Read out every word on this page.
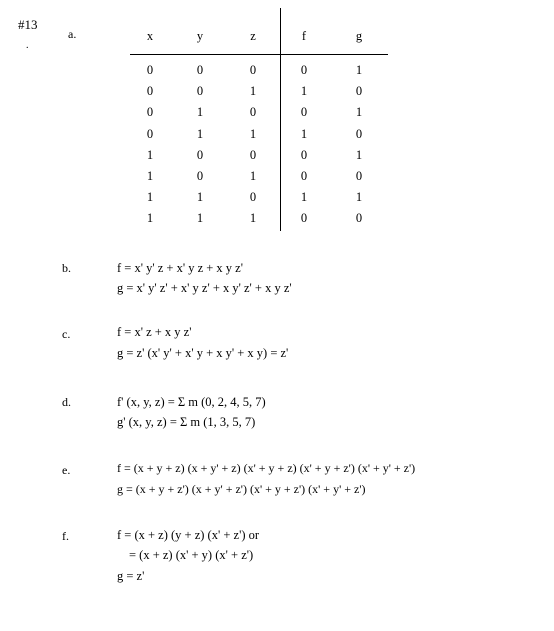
#13
.
a.	x	y	z	f	g
0	0	0	0	1
0	0	1	1	0
0	1	0	0	1
0	1	1	1	0
1	0	0	0	1
1	0	1	0	0
1	1	0	1	1
1	1	1	0	0
b.	f = x' y' z + x' y z + x y z'
g = x' y' z' + x' y z' + x y' z' + x y z'
c.	f = x' z + x y z'
g = z' (x' y' + x' y + x y' + x y) = z'
d.	f' (x, y, z) = Σ m (0, 2, 4, 5, 7)
g' (x, y, z) = Σ m (1, 3, 5, 7)
e.	f = (x + y + z) (x + y' + z) (x' + y + z) (x' + y + z') (x' + y' + z')
g = (x + y + z') (x + y' + z') (x' + y + z') (x' + y' + z')
f.	f = (x + z) (y + z) (x' + z') or
= (x + z) (x' + y) (x' + z')
g = z'
